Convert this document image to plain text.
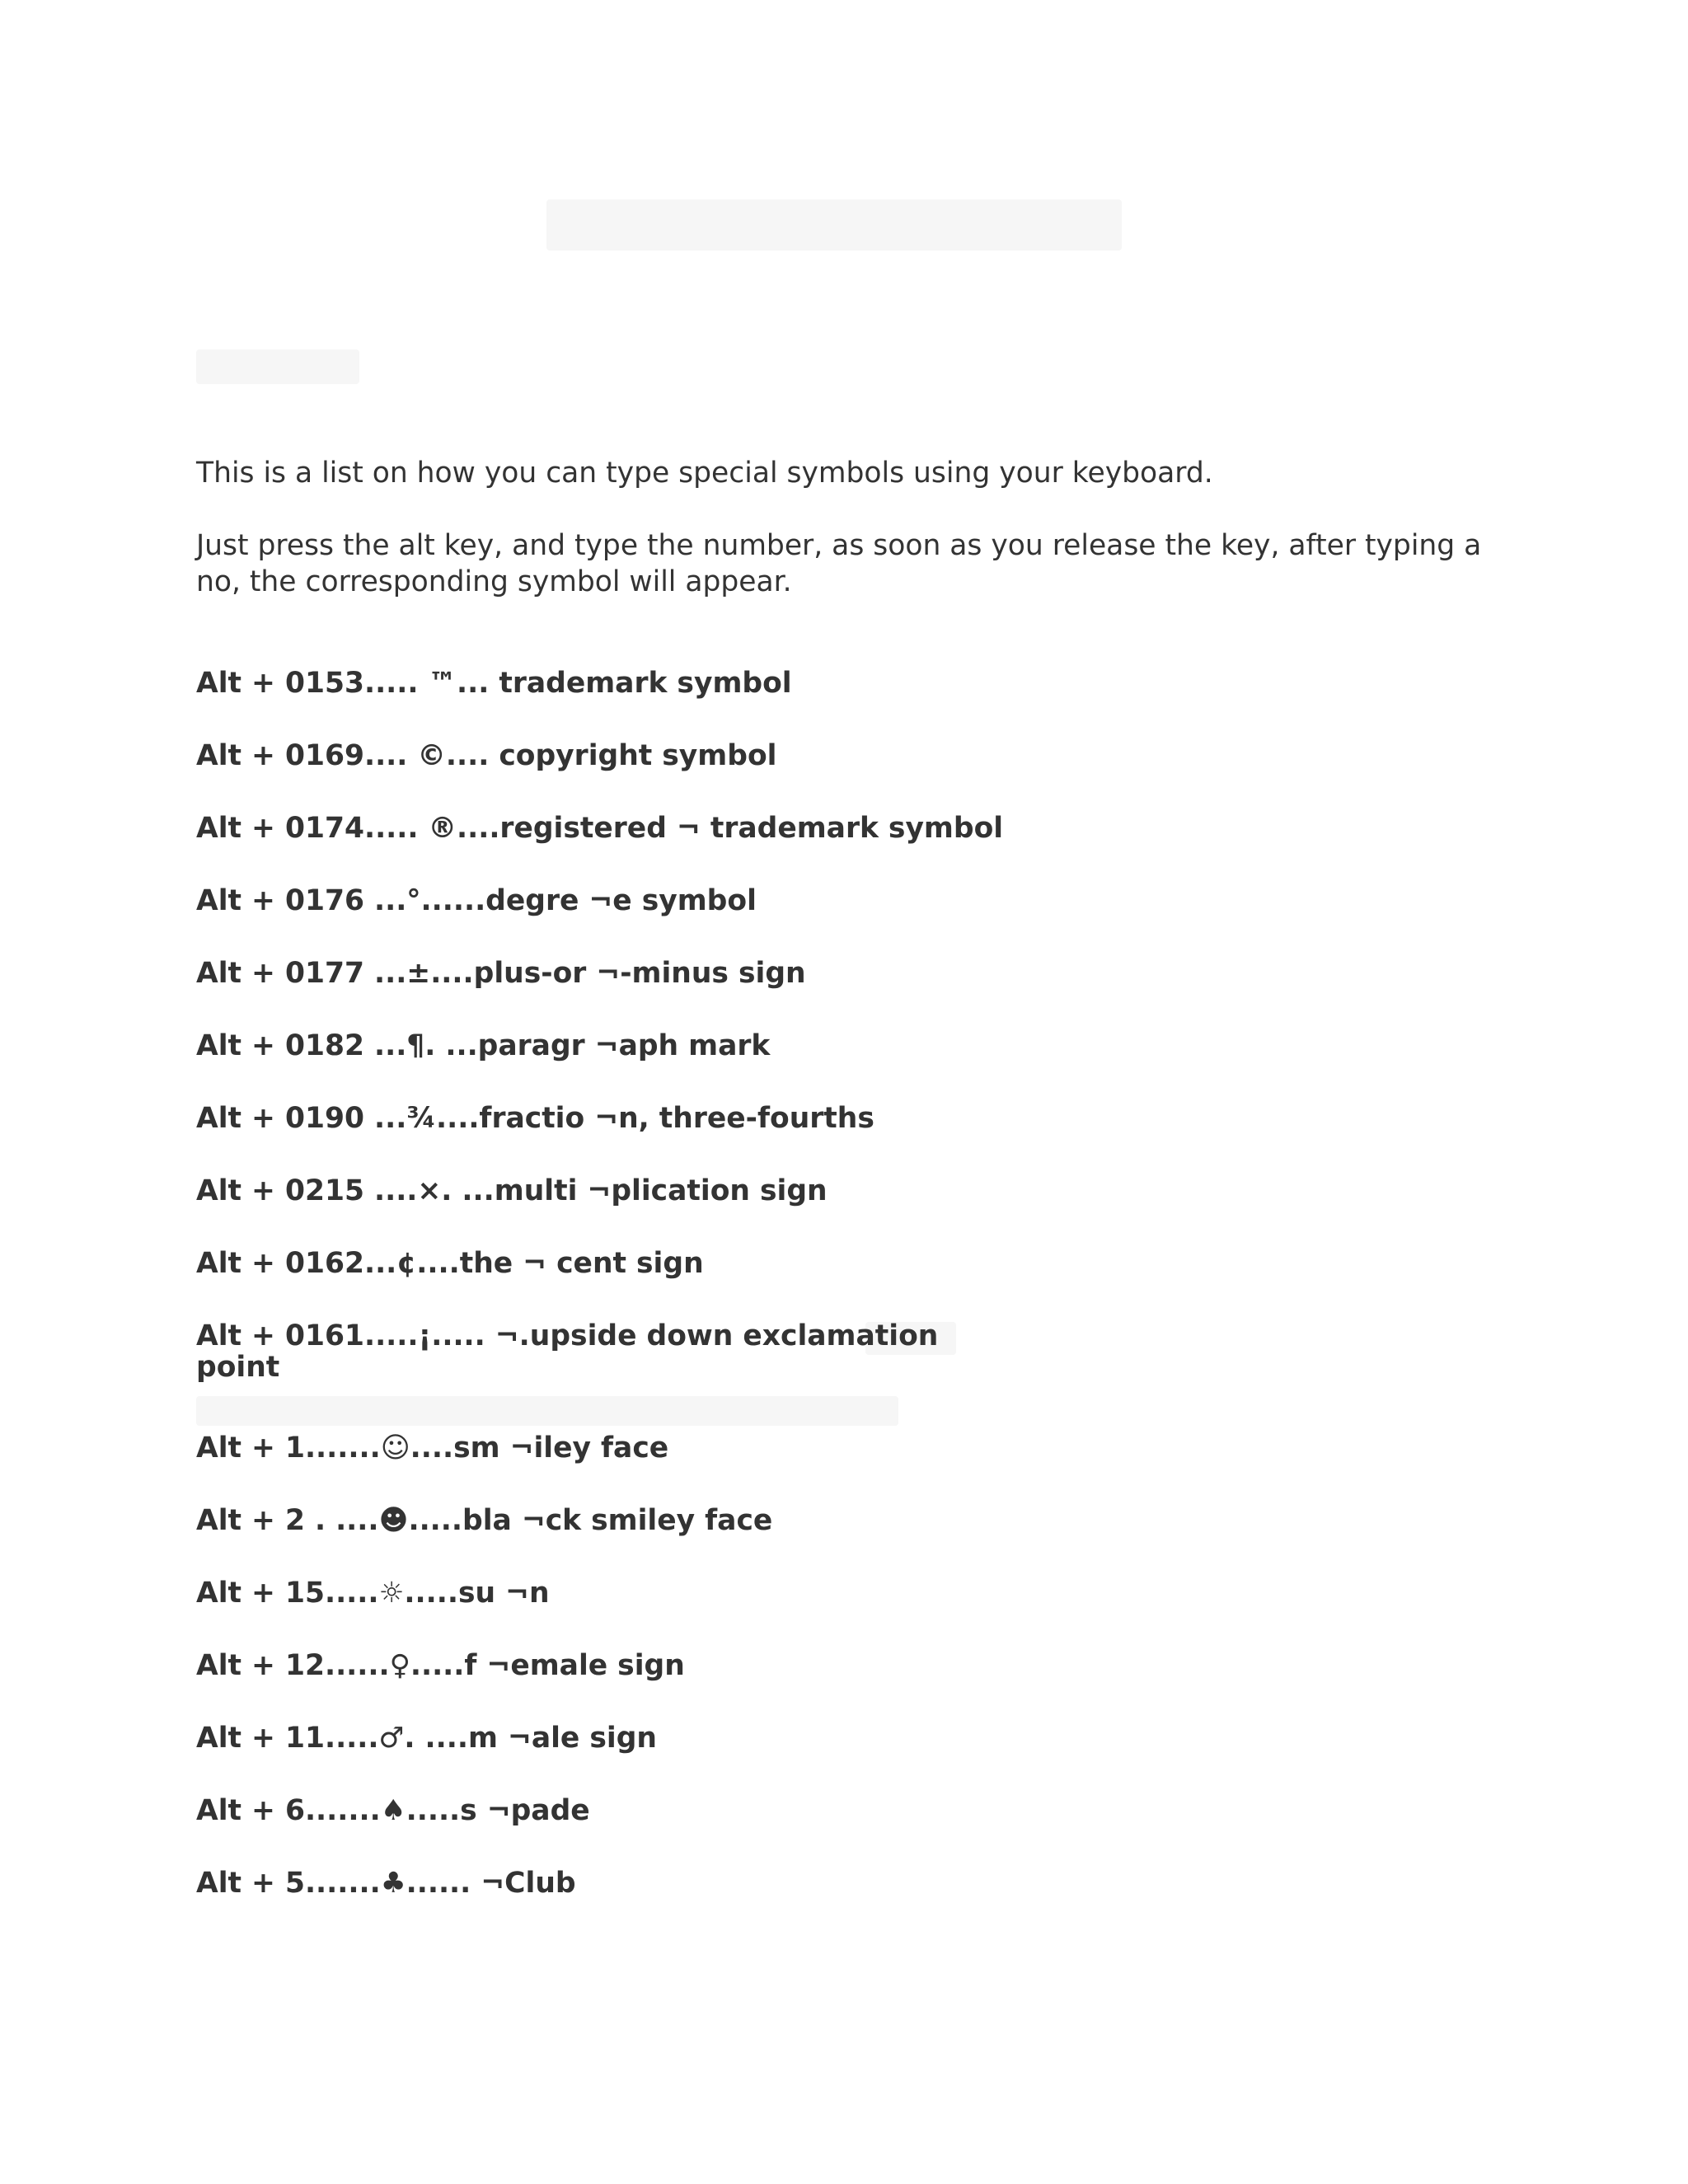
This is a list on how you can type special symbols using your keyboard.

Just press the alt key, and type the number, as soon as you release the key, after typing a no, the corresponding symbol will appear.

Alt + 0153..... ™... trademark symbol
Alt + 0169.... ©.... copyright symbol
Alt + 0174..... ®....registered ¬ trademark symbol
Alt + 0176 ...°......degre ¬e symbol
Alt + 0177 ...±....plus-or ¬-minus sign
Alt + 0182 ...¶. ...paragr ¬aph mark
Alt + 0190 ...¾....fractio ¬n, three-fourths
Alt + 0215 ....×. ...multi ¬plication sign
Alt + 0162...¢....the ¬ cent sign
Alt + 0161.....¡..... ¬.upside down exclamation point
Alt + 1.......☺....sm ¬iley face
Alt + 2 . ....☻.....bla ¬ck smiley face
Alt + 15.....☼.....su ¬n
Alt + 12......♀.....f ¬emale sign
Alt + 11.....♂. ....m ¬ale sign
Alt + 6.......♠.....s ¬pade
Alt + 5.......♣...... ¬Club
